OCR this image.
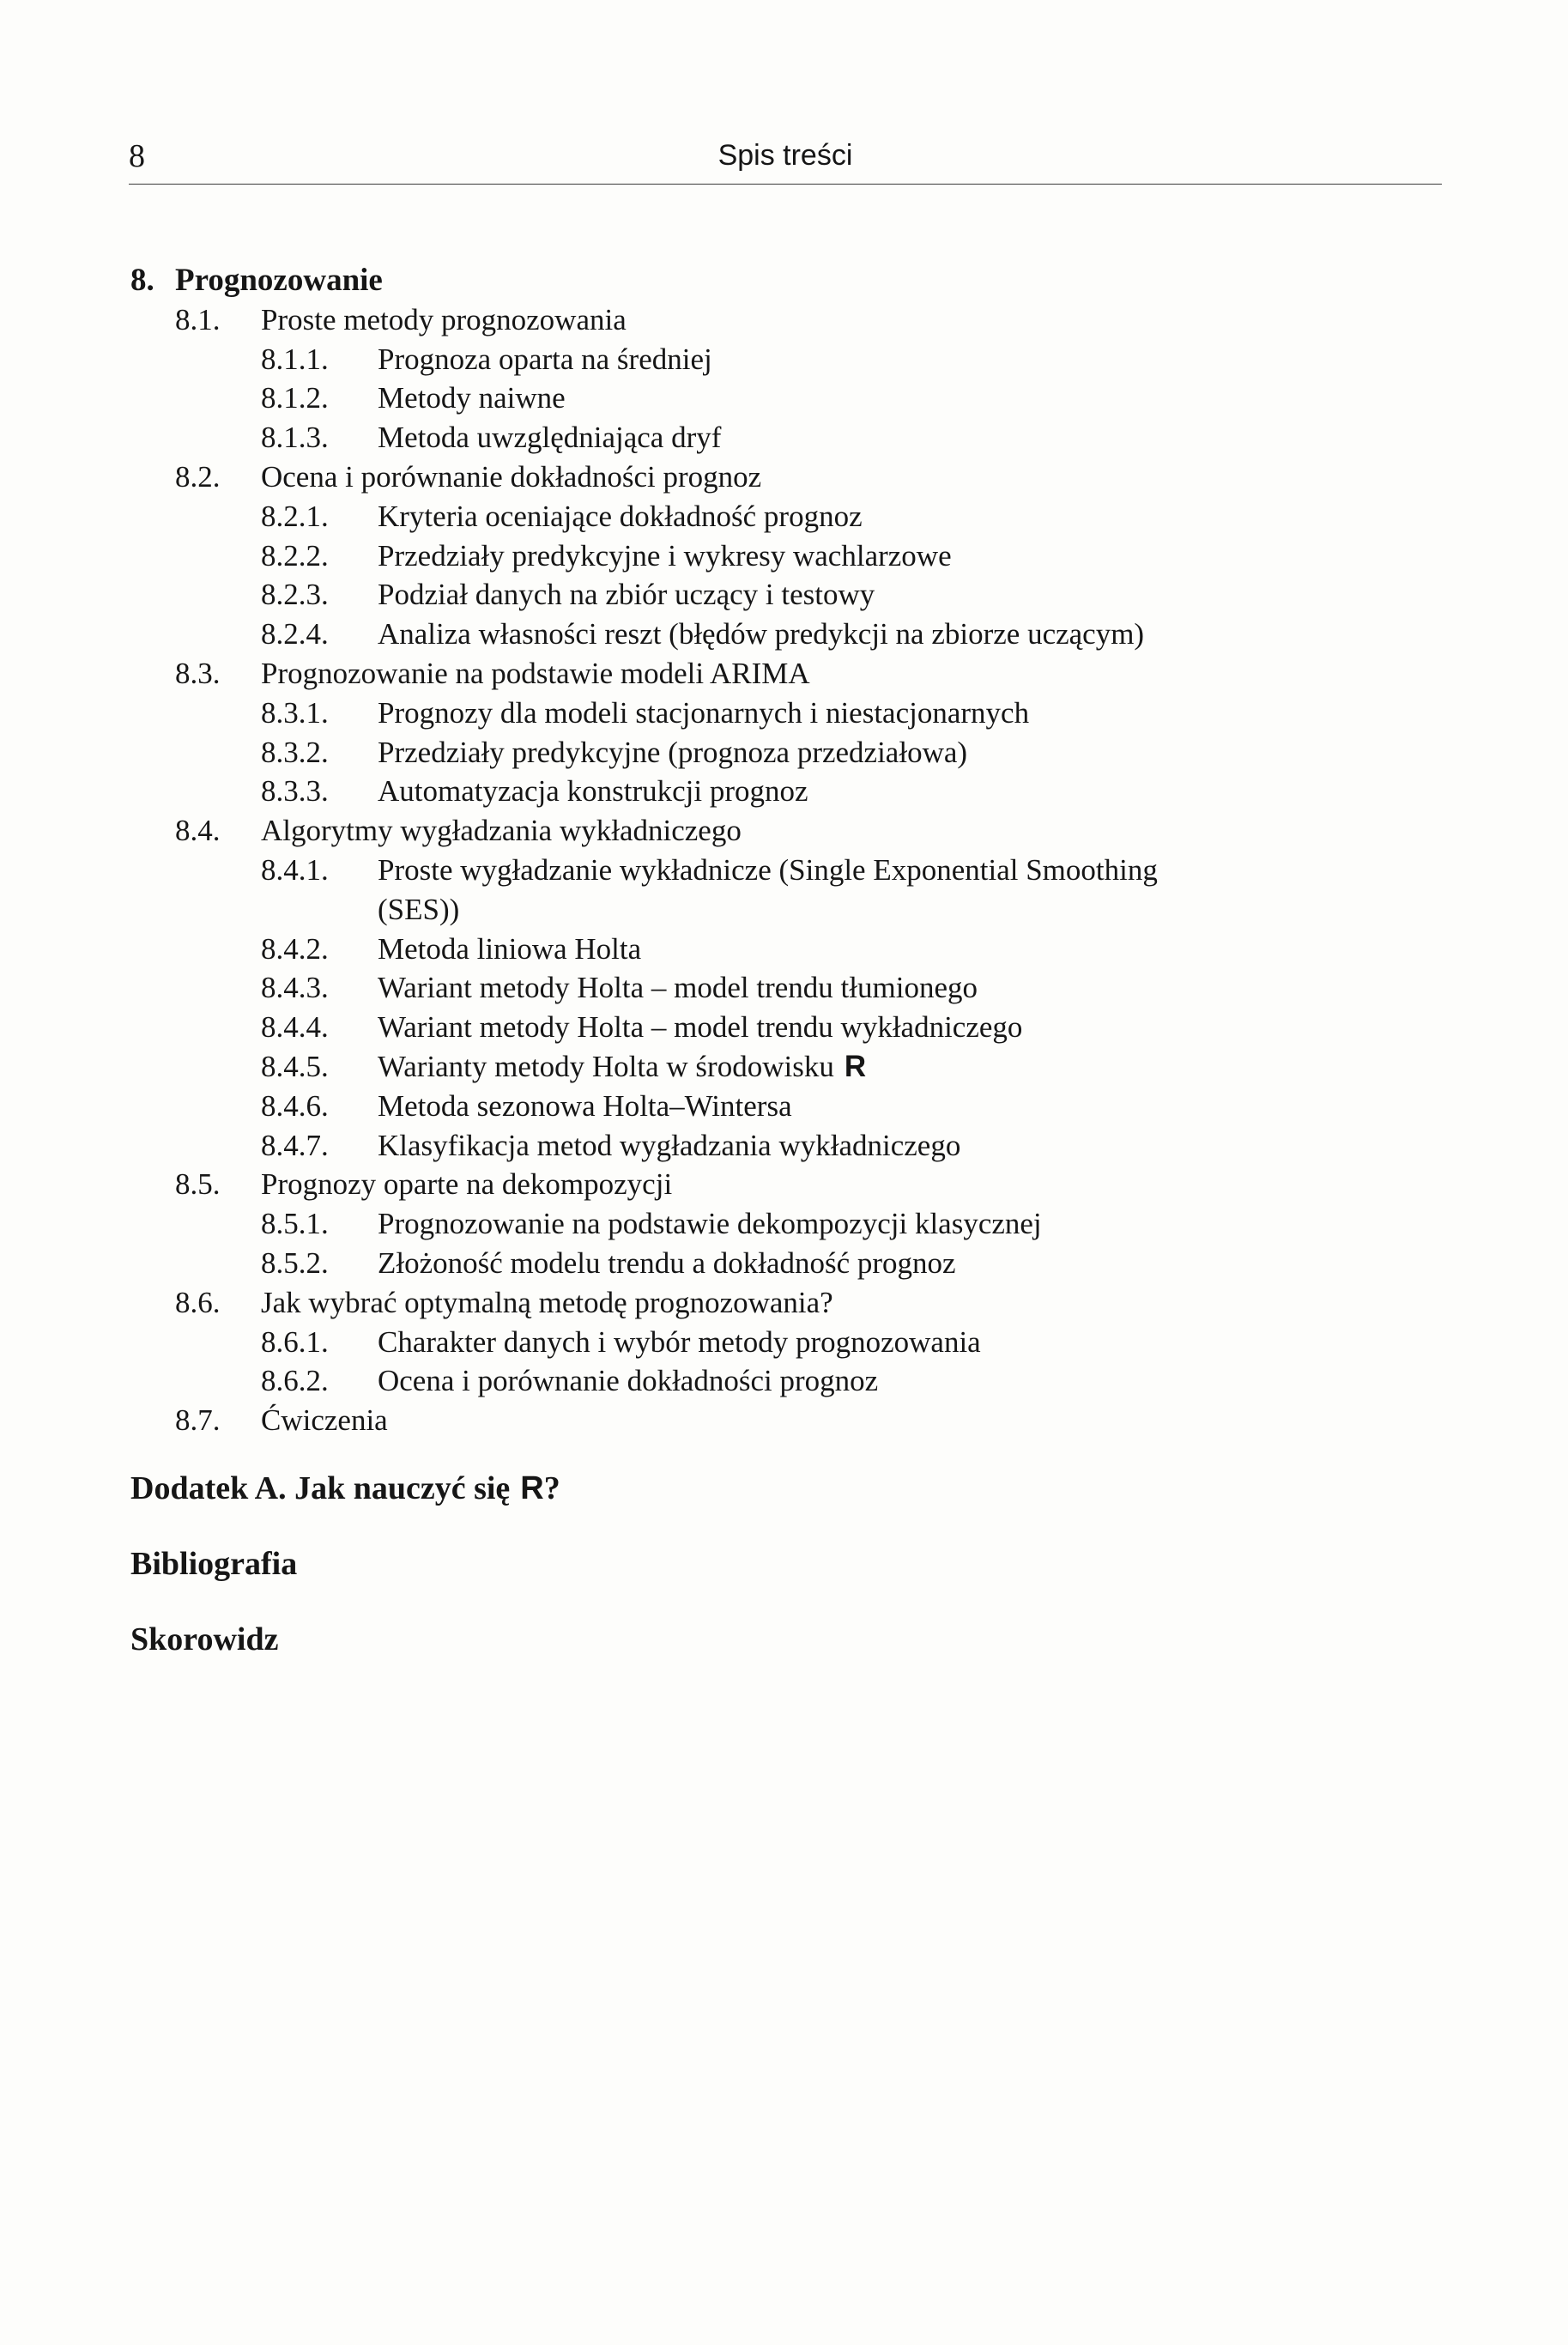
8	Spis treści
8. Prognozowanie
8.1.	Proste metody prognozowania
8.1.1.	Prognoza oparta na średniej
8.1.2.	Metody naiwne
8.1.3.	Metoda uwzględniająca dryf
8.2.	Ocena i porównanie dokładności prognoz
8.2.1.	Kryteria oceniające dokładność prognoz
8.2.2.	Przedziały predykcyjne i wykresy wachlarzowe
8.2.3.	Podział danych na zbiór uczący i testowy
8.2.4.	Analiza własności reszt (błędów predykcji na zbiorze uczącym)
8.3.	Prognozowanie na podstawie modeli ARIMA
8.3.1.	Prognozy dla modeli stacjonarnych i niestacjonarnych
8.3.2.	Przedziały predykcyjne (prognoza przedziałowa)
8.3.3.	Automatyzacja konstrukcji prognoz
8.4.	Algorytmy wygładzania wykładniczego
8.4.1.	Proste wygładzanie wykładnicze (Single Exponential Smoothing
(SES))
8.4.2.	Metoda liniowa Holta
8.4.3.	Wariant metody Holta – model trendu tłumionego
8.4.4.	Wariant metody Holta – model trendu wykładniczego
8.4.5.	Warianty metody Holta w środowisku R
8.4.6.	Metoda sezonowa Holta–Wintersa
8.4.7.	Klasyfikacja metod wygładzania wykładniczego
8.5.	Prognozy oparte na dekompozycji
8.5.1.	Prognozowanie na podstawie dekompozycji klasycznej
8.5.2.	Złożoność modelu trendu a dokładność prognoz
8.6.	Jak wybrać optymalną metodę prognozowania?
8.6.1.	Charakter danych i wybór metody prognozowania
8.6.2.	Ocena i porównanie dokładności prognoz
8.7.	Ćwiczenia
Dodatek A. Jak nauczyć się R ?
Bibliografia
Skorowidz
